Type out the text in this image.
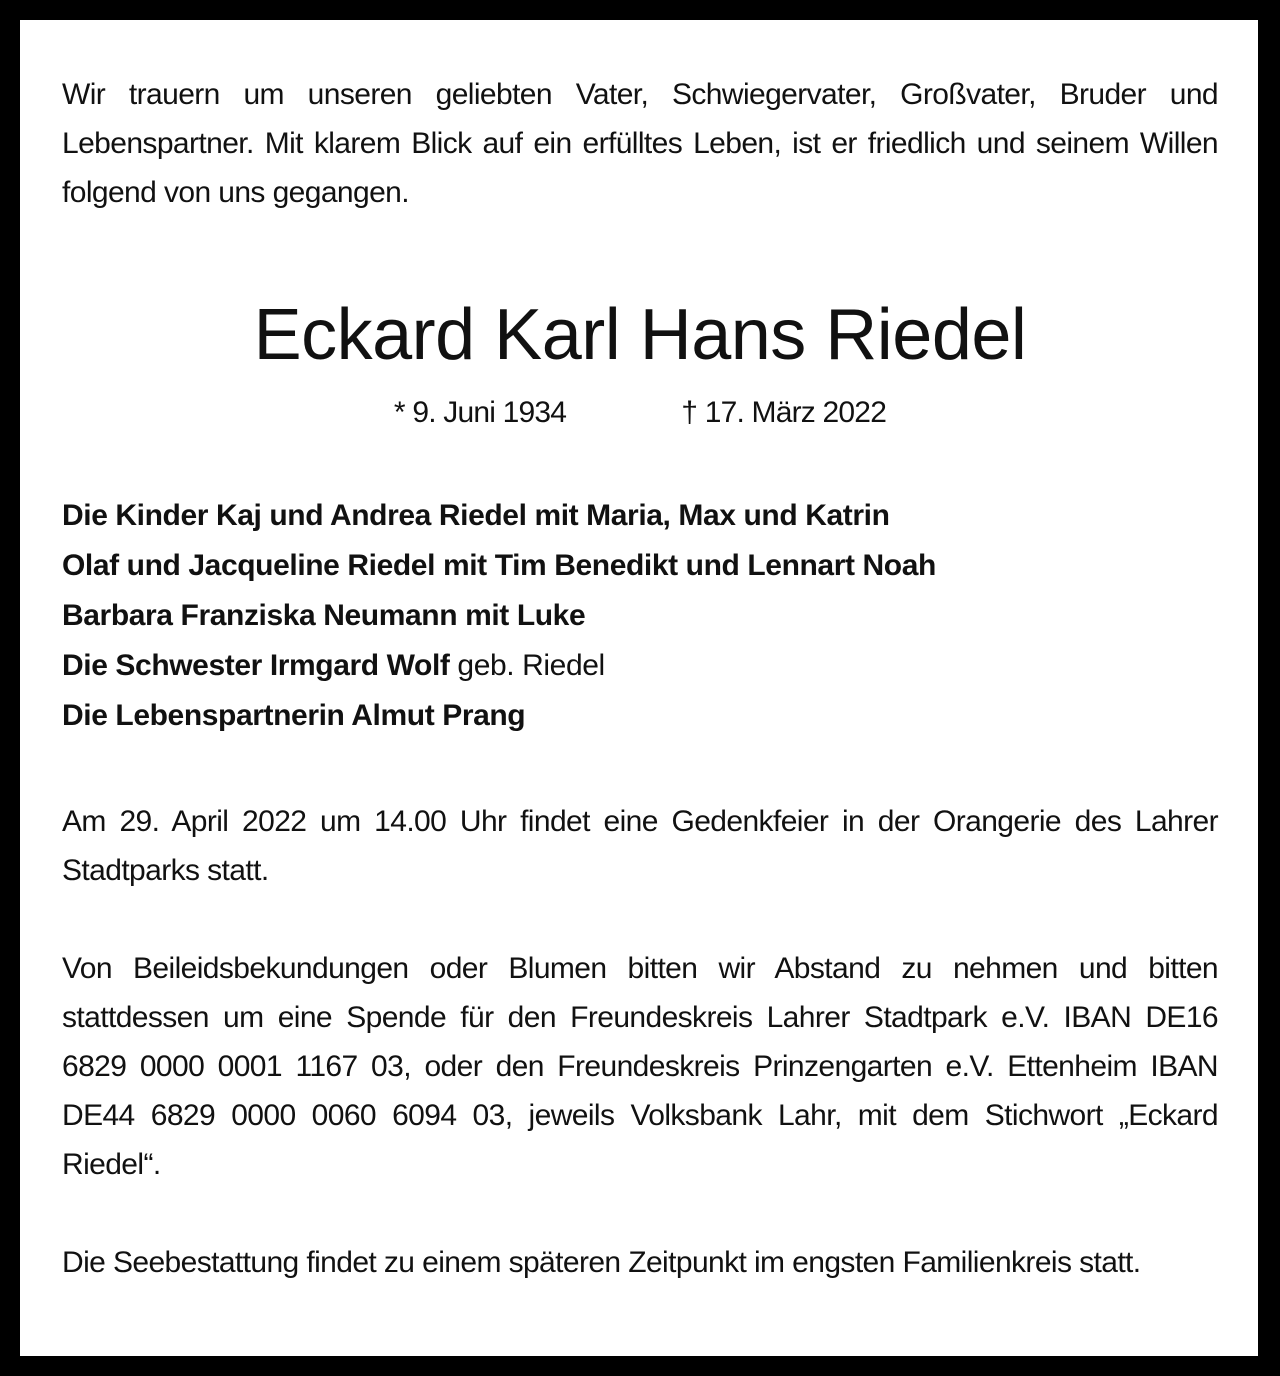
Wir trauern um unseren geliebten Vater, Schwiegervater, Großvater, Bruder und Lebenspartner. Mit klarem Blick auf ein erfülltes Leben, ist er friedlich und seinem Willen folgend von uns gegangen.

Eckard Karl Hans Riedel
* 9. Juni 1934	† 17. März 2022
Die Kinder Kaj und Andrea Riedel mit Maria, Max und Katrin
Olaf und Jacqueline Riedel mit Tim Benedikt und Lennart Noah
Barbara Franziska Neumann mit Luke
Die Schwester Irmgard Wolf geb. Riedel
Die Lebenspartnerin Almut Prang

Am 29. April 2022 um 14.00 Uhr findet eine Gedenkfeier in der Orangerie des Lahrer Stadtparks statt.

Von Beileidsbekundungen oder Blumen bitten wir Abstand zu nehmen und bitten stattdessen um eine Spende für den Freundeskreis Lahrer Stadtpark e.V. IBAN DE16 6829 0000 0001 1167 03, oder den Freundeskreis Prinzengarten e.V. Ettenheim IBAN DE44 6829 0000 0060 6094 03, jeweils Volksbank Lahr, mit dem Stichwort „Eckard Riedel“.

Die Seebestattung findet zu einem späteren Zeitpunkt im engsten Familienkreis statt.
